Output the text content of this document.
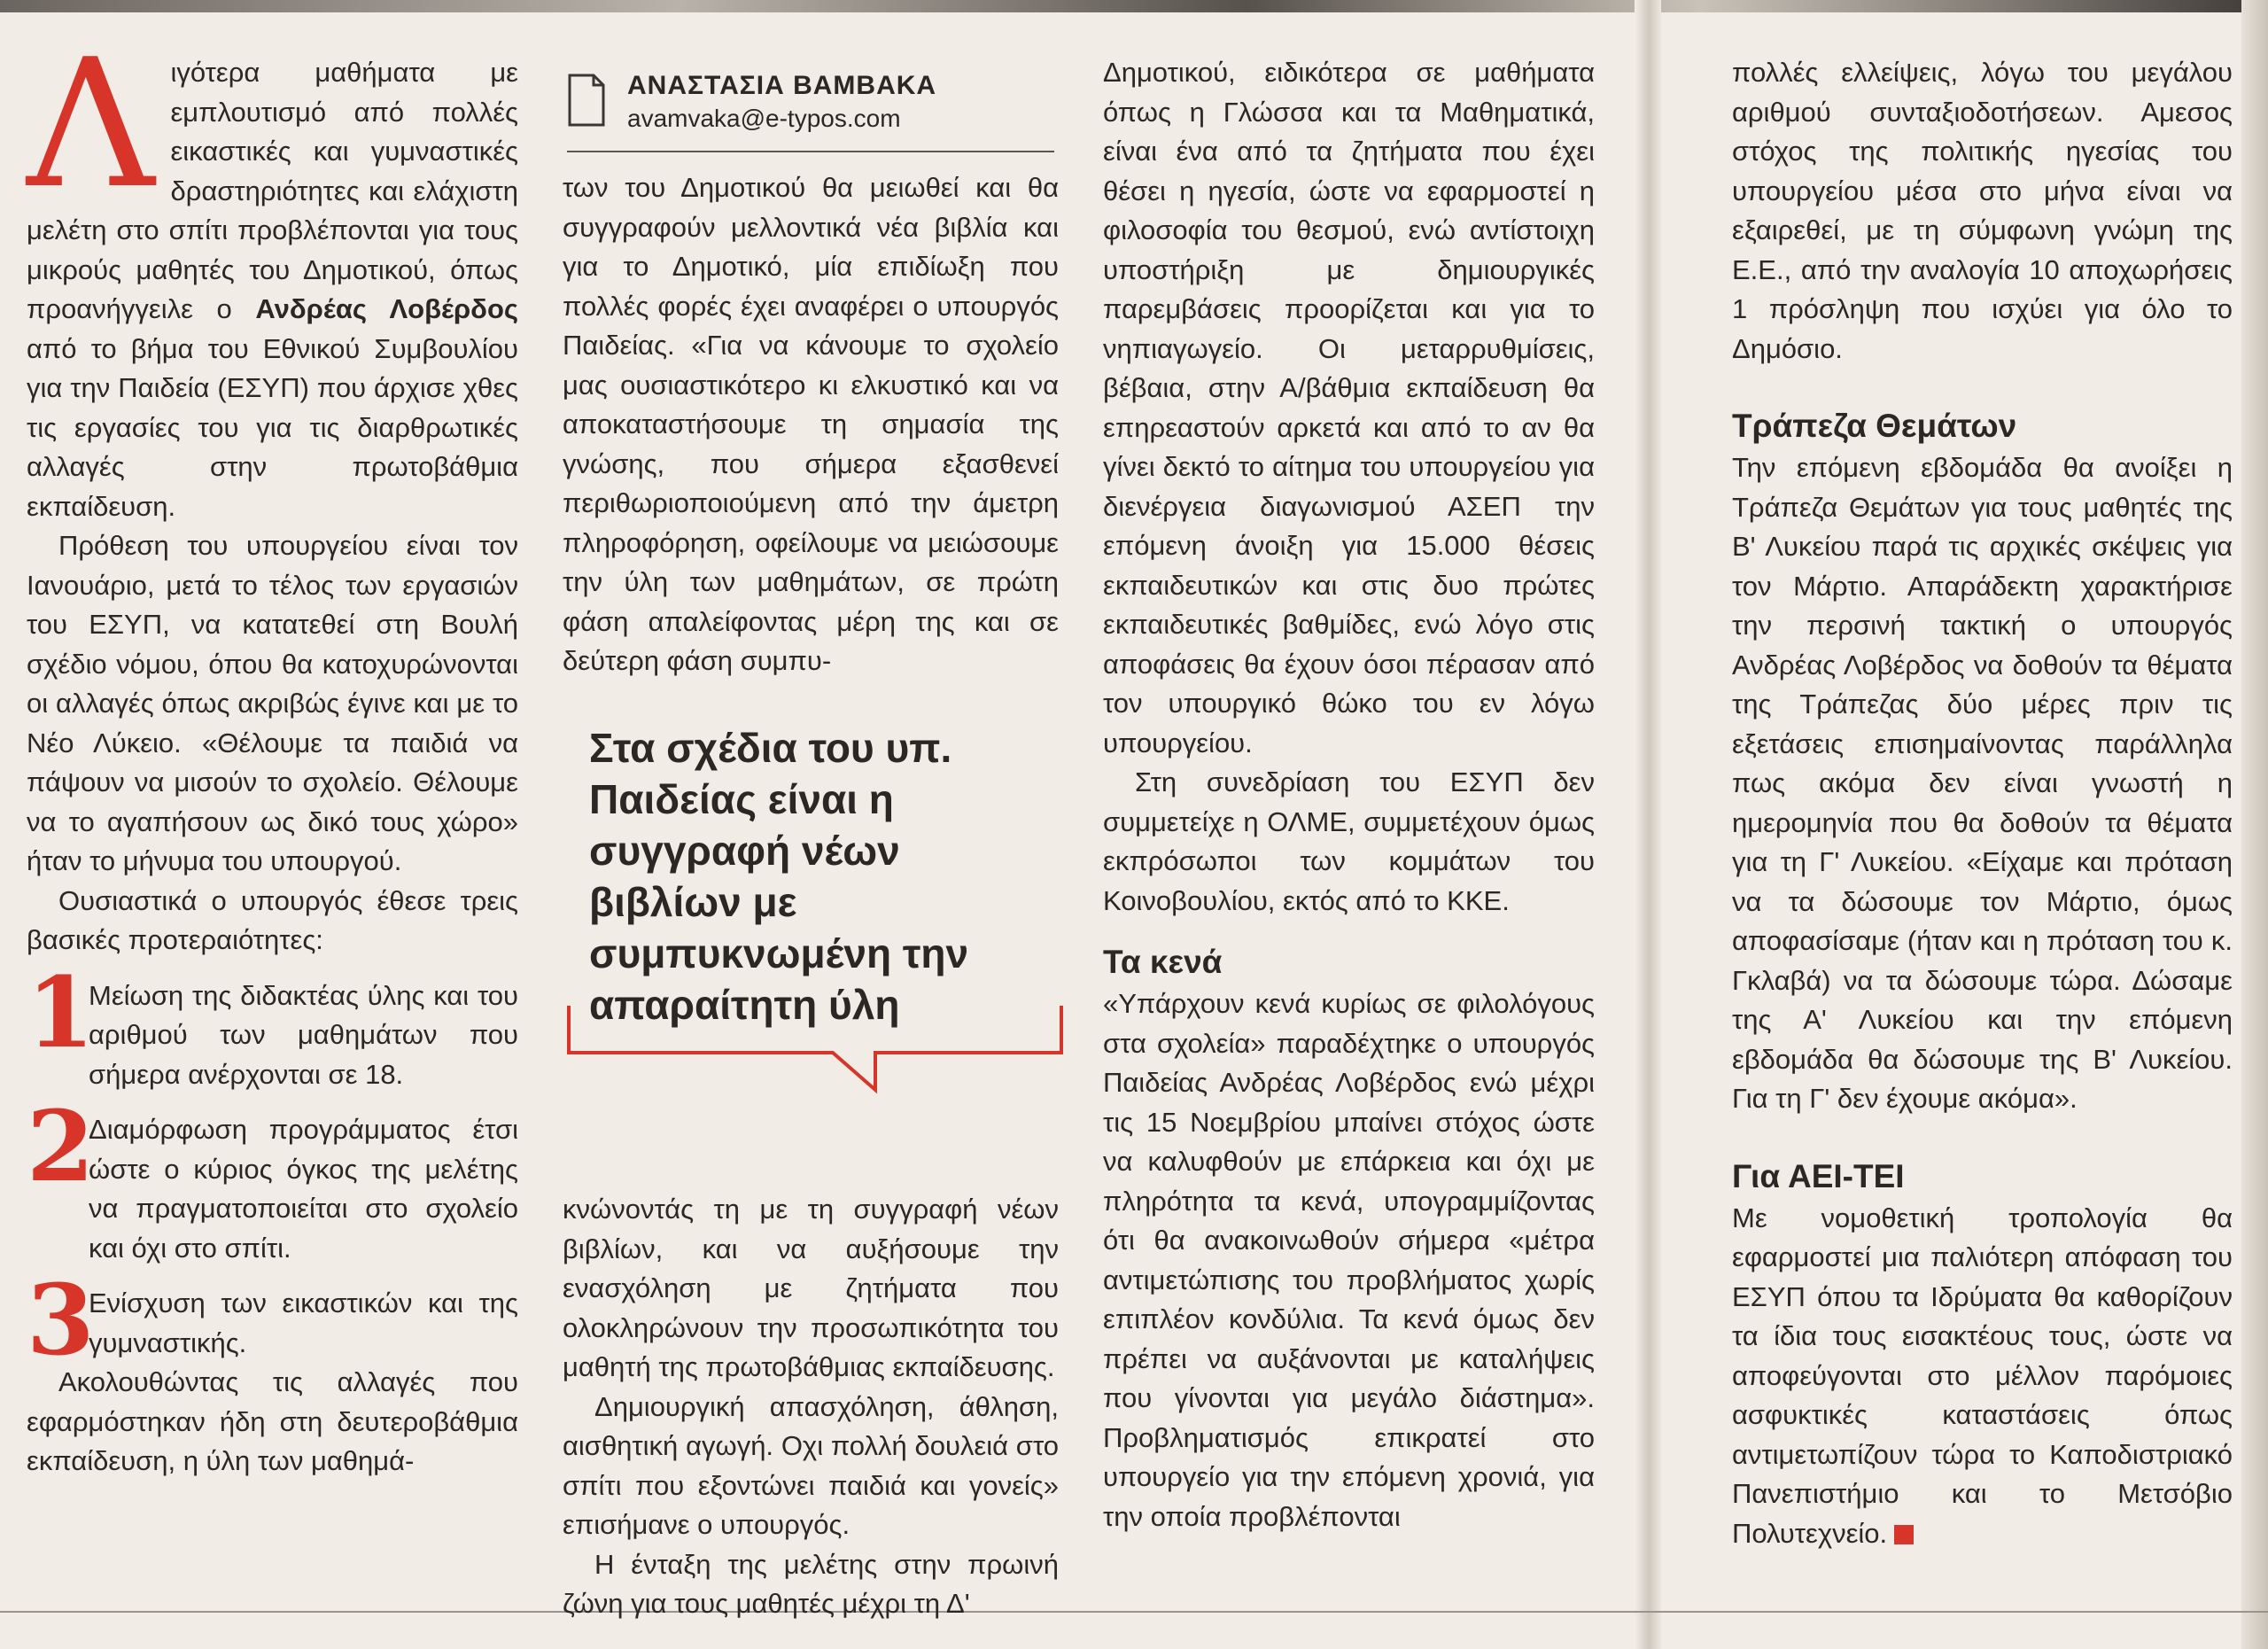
Λιγότερα μαθήματα με εμπλουτισμό από πολλές εικαστικές και γυμναστικές δραστηριότητες και ελάχιστη μελέτη στο σπίτι προβλέπονται για τους μικρούς μαθητές του Δημοτικού, όπως προανήγγειλε ο Ανδρέας Λοβέρδος από το βήμα του Εθνικού Συμβουλίου για την Παιδεία (ΕΣΥΠ) που άρχισε χθες τις εργασίες του για τις διαρθρωτικές αλλαγές στην πρωτοβάθμια εκπαίδευση.

Πρόθεση του υπουργείου είναι τον Ιανουάριο, μετά το τέλος των εργασιών του ΕΣΥΠ, να κατατεθεί στη Βουλή σχέδιο νόμου, όπου θα κατοχυρώνονται οι αλλαγές όπως ακριβώς έγινε και με το Νέο Λύκειο. «Θέλουμε τα παιδιά να πάψουν να μισούν το σχολείο. Θέλουμε να το αγαπήσουν ως δικό τους χώρο» ήταν το μήνυμα του υπουργού.

Ουσιαστικά ο υπουργός έθεσε τρεις βασικές προτεραιότητες:

1
Μείωση της διδακτέας ύλης και του αριθμού των μαθημάτων που σήμερα ανέρχονται σε 18.

2
Διαμόρφωση προγράμματος έτσι ώστε ο κύριος όγκος της μελέτης να πραγματοποιείται στο σχολείο και όχι στο σπίτι.

3
Ενίσχυση των εικαστικών και της γυμναστικής.

Ακολουθώντας τις αλλαγές που εφαρμόστηκαν ήδη στη δευτεροβάθμια εκπαίδευση, η ύλη των μαθημά-

ΑΝΑΣΤΑΣΙΑ ΒΑΜΒΑΚΑ
avamvaka@e-typos.com

των του Δημοτικού θα μειωθεί και θα συγγραφούν μελλοντικά νέα βιβλία και για το Δημοτικό, μία επιδίωξη που πολλές φορές έχει αναφέρει ο υπουργός Παιδείας. «Για να κάνουμε το σχολείο μας ουσιαστικότερο κι ελκυστικό και να αποκαταστήσουμε τη σημασία της γνώσης, που σήμερα εξασθενεί περιθωριοποιούμενη από την άμετρη πληροφόρηση, οφείλουμε να μειώσουμε την ύλη των μαθημάτων, σε πρώτη φάση απαλείφοντας μέρη της και σε δεύτερη φάση συμπυ-

Στα σχέδια του υπ. Παιδείας είναι η συγγραφή νέων βιβλίων με συμπυκνωμένη την απαραίτητη ύλη

κνώνοντάς τη με τη συγγραφή νέων βιβλίων, και να αυξήσουμε την ενασχόληση με ζητήματα που ολοκληρώνουν την προσωπικότητα του μαθητή της πρωτοβάθμιας εκπαίδευσης.

Δημιουργική απασχόληση, άθληση, αισθητική αγωγή. Οχι πολλή δουλειά στο σπίτι που εξοντώνει παιδιά και γονείς» επισήμανε ο υπουργός.

Η ένταξη της μελέτης στην πρωινή ζώνη για τους μαθητές μέχρι τη Δ'

Δημοτικού, ειδικότερα σε μαθήματα όπως η Γλώσσα και τα Μαθηματικά, είναι ένα από τα ζητήματα που έχει θέσει η ηγεσία, ώστε να εφαρμοστεί η φιλοσοφία του θεσμού, ενώ αντίστοιχη υποστήριξη με δημιουργικές παρεμβάσεις προορίζεται και για το νηπιαγωγείο. Οι μεταρρυθμίσεις, βέβαια, στην Α/βάθμια εκπαίδευση θα επηρεαστούν αρκετά και από το αν θα γίνει δεκτό το αίτημα του υπουργείου για διενέργεια διαγωνισμού ΑΣΕΠ την επόμενη άνοιξη για 15.000 θέσεις εκπαιδευτικών και στις δυο πρώτες εκπαιδευτικές βαθμίδες, ενώ λόγο στις αποφάσεις θα έχουν όσοι πέρασαν από τον υπουργικό θώκο του εν λόγω υπουργείου.

Στη συνεδρίαση του ΕΣΥΠ δεν συμμετείχε η ΟΛΜΕ, συμμετέχουν όμως εκπρόσωποι των κομμάτων του Κοινοβουλίου, εκτός από το ΚΚΕ.

Τα κενά

«Υπάρχουν κενά κυρίως σε φιλολόγους στα σχολεία» παραδέχτηκε ο υπουργός Παιδείας Ανδρέας Λοβέρδος ενώ μέχρι τις 15 Νοεμβρίου μπαίνει στόχος ώστε να καλυφθούν με επάρκεια και όχι με πληρότητα τα κενά, υπογραμμίζοντας ότι θα ανακοινωθούν σήμερα «μέτρα αντιμετώπισης του προβλήματος χωρίς επιπλέον κονδύλια. Τα κενά όμως δεν πρέπει να αυξάνονται με καταλήψεις που γίνονται για μεγάλο διάστημα». Προβληματισμός επικρατεί στο υπουργείο για την επόμενη χρονιά, για την οποία προβλέπονται

πολλές ελλείψεις, λόγω του μεγάλου αριθμού συνταξιοδοτήσεων. Αμεσος στόχος της πολιτικής ηγεσίας του υπουργείου μέσα στο μήνα είναι να εξαιρεθεί, με τη σύμφωνη γνώμη της Ε.Ε., από την αναλογία 10 αποχωρήσεις 1 πρόσληψη που ισχύει για όλο το Δημόσιο.

Τράπεζα Θεμάτων

Την επόμενη εβδομάδα θα ανοίξει η Τράπεζα Θεμάτων για τους μαθητές της Β' Λυκείου παρά τις αρχικές σκέψεις για τον Μάρτιο. Απαράδεκτη χαρακτήρισε την περσινή τακτική ο υπουργός Ανδρέας Λοβέρδος να δοθούν τα θέματα της Τράπεζας δύο μέρες πριν τις εξετάσεις επισημαίνοντας παράλληλα πως ακόμα δεν είναι γνωστή η ημερομηνία που θα δοθούν τα θέματα για τη Γ' Λυκείου. «Είχαμε και πρόταση να τα δώσουμε τον Μάρτιο, όμως αποφασίσαμε (ήταν και η πρόταση του κ. Γκλαβά) να τα δώσουμε τώρα. Δώσαμε της Α' Λυκείου και την επόμενη εβδομάδα θα δώσουμε της Β' Λυκείου. Για τη Γ' δεν έχουμε ακόμα».

Για ΑΕΙ-ΤΕΙ

Με νομοθετική τροπολογία θα εφαρμοστεί μια παλιότερη απόφαση του ΕΣΥΠ όπου τα Ιδρύματα θα καθορίζουν τα ίδια τους εισακτέους τους, ώστε να αποφεύγονται στο μέλλον παρόμοιες ασφυκτικές καταστάσεις όπως αντιμετωπίζουν τώρα το Καποδιστριακό Πανεπιστήμιο και το Μετσόβιο Πολυτεχνείο.
